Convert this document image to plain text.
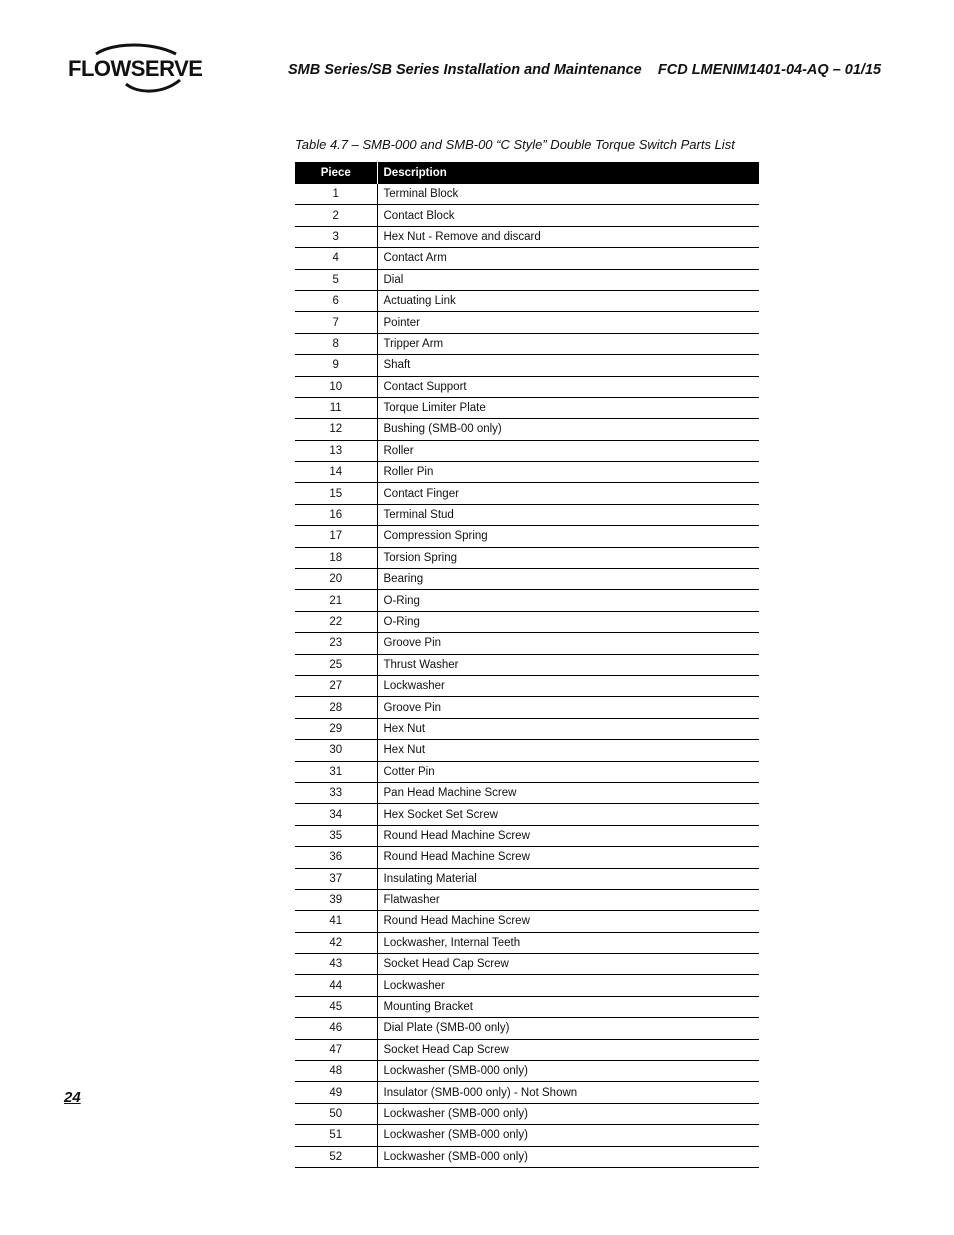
FLOWSERVE	SMB Series/SB Series Installation and Maintenance    FCD LMENIM1401-04-AQ – 01/15
Table 4.7 – SMB-000 and SMB-00 “C Style” Double Torque Switch Parts List
Piece	Description
1	Terminal Block
2	Contact Block
3	Hex Nut - Remove and discard
4	Contact Arm
5	Dial
6	Actuating Link
7	Pointer
8	Tripper Arm
9	Shaft
10	Contact Support
11	Torque Limiter Plate
12	Bushing (SMB-00 only)
13	Roller
14	Roller Pin
15	Contact Finger
16	Terminal Stud
17	Compression Spring
18	Torsion Spring
20	Bearing
21	O-Ring
22	O-Ring
23	Groove Pin
25	Thrust Washer
27	Lockwasher
28	Groove Pin
29	Hex Nut
30	Hex Nut
31	Cotter Pin
33	Pan Head Machine Screw
34	Hex Socket Set Screw
35	Round Head Machine Screw
36	Round Head Machine Screw
37	Insulating Material
39	Flatwasher
41	Round Head Machine Screw
42	Lockwasher, Internal Teeth
43	Socket Head Cap Screw
44	Lockwasher
45	Mounting Bracket
46	Dial Plate (SMB-00 only)
47	Socket Head Cap Screw
48	Lockwasher (SMB-000 only)
49	Insulator (SMB-000 only) - Not Shown
50	Lockwasher (SMB-000 only)
51	Lockwasher (SMB-000 only)
52	Lockwasher (SMB-000 only)
24
